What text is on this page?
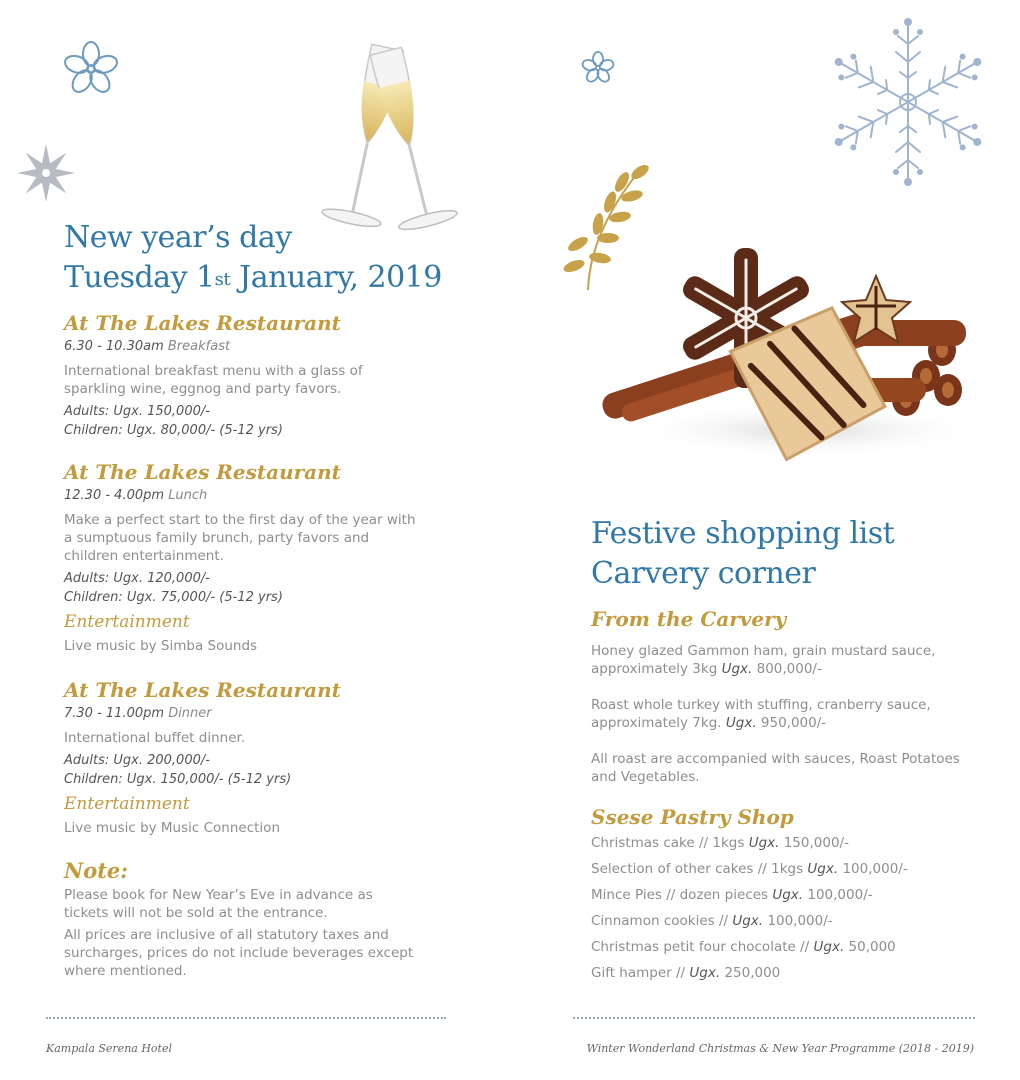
New year’s day
Tuesday 1st January, 2019
At The Lakes Restaurant
6.30 - 10.30am Breakfast
International breakfast menu with a glass of sparkling wine, eggnog and party favors.
Adults: Ugx. 150,000/-
Children: Ugx. 80,000/- (5-12 yrs)
At The Lakes Restaurant
12.30 - 4.00pm Lunch
Make a perfect start to the first day of the year with a sumptuous family brunch, party favors and children entertainment.
Adults: Ugx. 120,000/-
Children: Ugx. 75,000/- (5-12 yrs)
Entertainment
Live music by Simba Sounds
At The Lakes Restaurant
7.30 - 11.00pm Dinner
International buffet dinner.
Adults: Ugx. 200,000/-
Children: Ugx. 150,000/- (5-12 yrs)
Entertainment
Live music by Music Connection
Note:
Please book for New Year’s Eve in advance as tickets will not be sold at the entrance.
All prices are inclusive of all statutory taxes and surcharges, prices do not include beverages except where mentioned.
Kampala Serena Hotel
Festive shopping list
Carvery corner
From the Carvery
Honey glazed Gammon ham, grain mustard sauce, approximately 3kg Ugx. 800,000/-
Roast whole turkey with stuffing, cranberry sauce, approximately 7kg. Ugx. 950,000/-
All roast are accompanied with sauces, Roast Potatoes and Vegetables.
Ssese Pastry Shop
Christmas cake // 1kgs Ugx. 150,000/-
Selection of other cakes // 1kgs Ugx. 100,000/-
Mince Pies // dozen pieces Ugx. 100,000/-
Cinnamon cookies // Ugx. 100,000/-
Christmas petit four chocolate // Ugx. 50,000
Gift hamper // Ugx. 250,000
Winter Wonderland Christmas & New Year Programme (2018 - 2019)
